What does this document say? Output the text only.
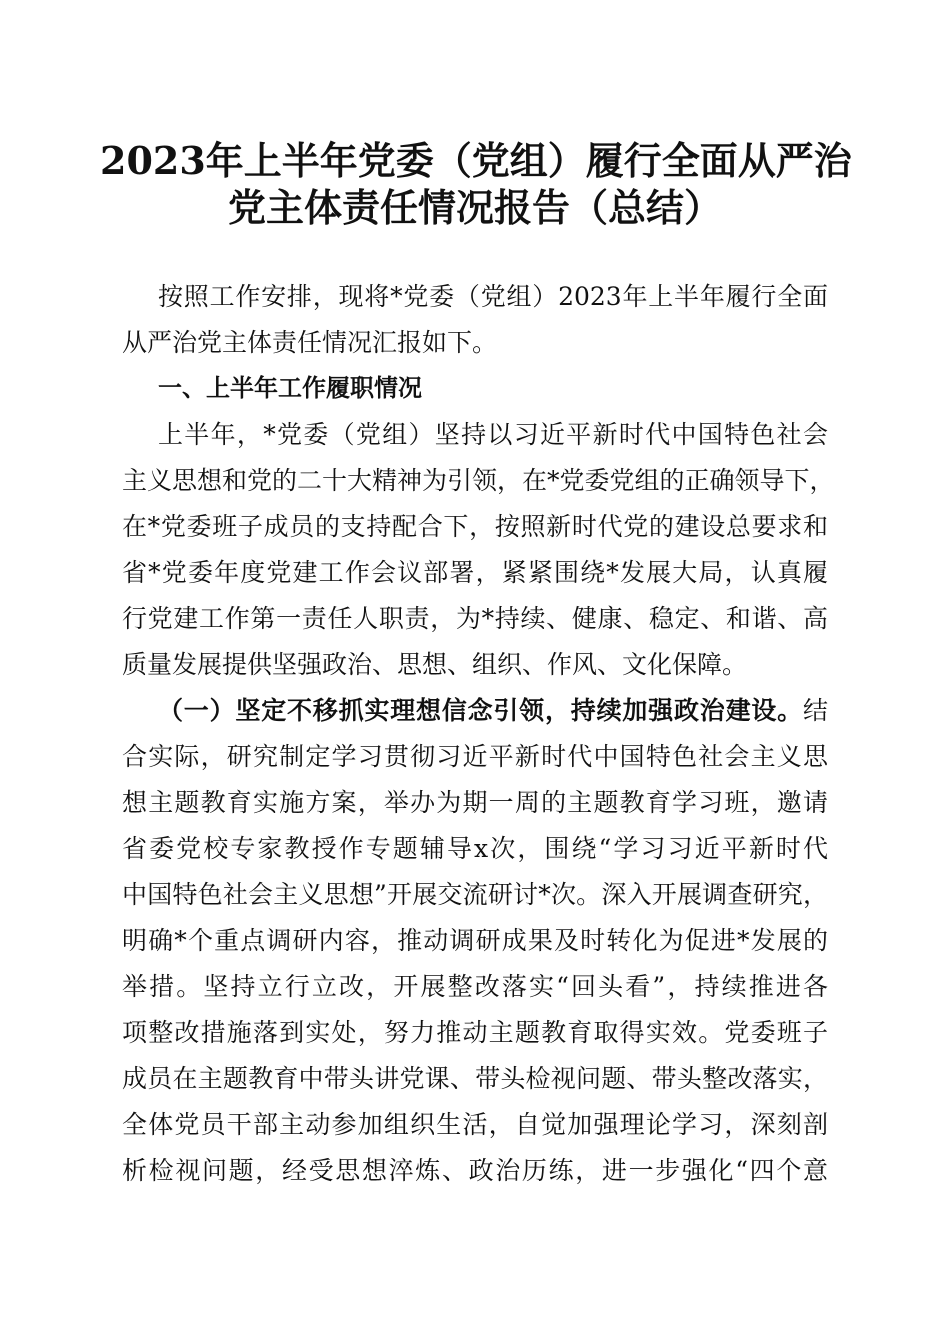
2023年上半年党委（党组）履行全面从严治
党主体责任情况报告（总结）
按照工作安排，现将*党委（党组）2023年上半年履行全面
从严治党主体责任情况汇报如下。
一、上半年工作履职情况
上半年，*党委（党组）坚持以习近平新时代中国特色社会
主义思想和党的二十大精神为引领，在*党委党组的正确领导下，
在*党委班子成员的支持配合下，按照新时代党的建设总要求和
省*党委年度党建工作会议部署，紧紧围绕*发展大局，认真履
行党建工作第一责任人职责，为*持续、健康、稳定、和谐、高
质量发展提供坚强政治、思想、组织、作风、文化保障。
（一）坚定不移抓实理想信念引领，持续加强政治建设。结
合实际，研究制定学习贯彻习近平新时代中国特色社会主义思
想主题教育实施方案，举办为期一周的主题教育学习班，邀请
省委党校专家教授作专题辅导x次，围绕“学习习近平新时代
中国特色社会主义思想”开展交流研讨*次。深入开展调查研究，
明确*个重点调研内容，推动调研成果及时转化为促进*发展的
举措。坚持立行立改，开展整改落实“回头看”，持续推进各
项整改措施落到实处，努力推动主题教育取得实效。党委班子
成员在主题教育中带头讲党课、带头检视问题、带头整改落实，
全体党员干部主动参加组织生活，自觉加强理论学习，深刻剖
析检视问题，经受思想淬炼、政治历练，进一步强化“四个意
